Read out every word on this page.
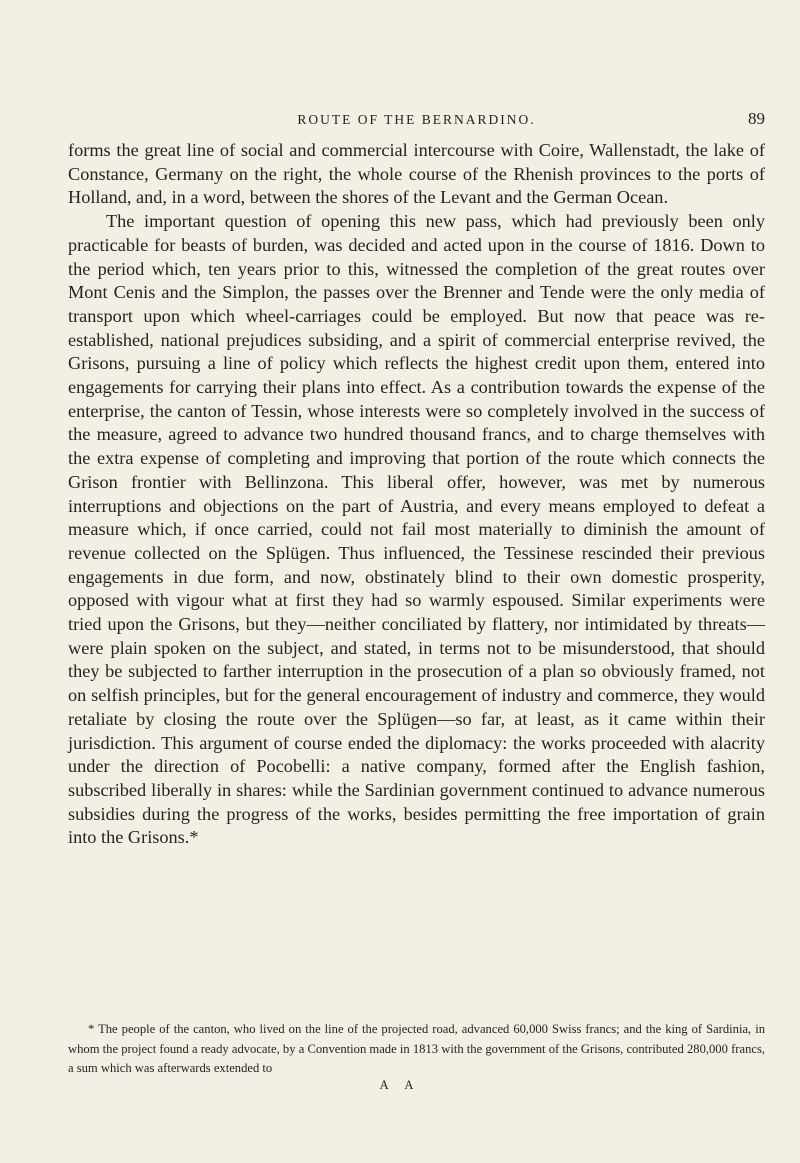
ROUTE OF THE BERNARDINO.	89

forms the great line of social and commercial intercourse with Coire, Wallenstadt, the lake of Constance, Germany on the right, the whole course of the Rhenish provinces to the ports of Holland, and, in a word, between the shores of the Levant and the German Ocean.

The important question of opening this new pass, which had previously been only practicable for beasts of burden, was decided and acted upon in the course of 1816. Down to the period which, ten years prior to this, witnessed the completion of the great routes over Mont Cenis and the Simplon, the passes over the Brenner and Tende were the only media of transport upon which wheel-carriages could be employed. But now that peace was re-established, national prejudices subsiding, and a spirit of commercial enterprise revived, the Grisons, pursuing a line of policy which reflects the highest credit upon them, entered into engagements for carrying their plans into effect. As a contribution towards the expense of the enterprise, the canton of Tessin, whose interests were so completely involved in the success of the measure, agreed to advance two hundred thousand francs, and to charge themselves with the extra expense of completing and improving that portion of the route which connects the Grison frontier with Bellinzona. This liberal offer, however, was met by numerous interruptions and objections on the part of Austria, and every means employed to defeat a measure which, if once carried, could not fail most materially to diminish the amount of revenue collected on the Splügen. Thus influenced, the Tessinese rescinded their previous engagements in due form, and now, obstinately blind to their own domestic prosperity, opposed with vigour what at first they had so warmly espoused. Similar experiments were tried upon the Grisons, but they—neither conciliated by flattery, nor intimidated by threats—were plain spoken on the subject, and stated, in terms not to be misunderstood, that should they be subjected to farther interruption in the prosecution of a plan so obviously framed, not on selfish principles, but for the general encouragement of industry and commerce, they would retaliate by closing the route over the Splügen—so far, at least, as it came within their jurisdiction. This argument of course ended the diplomacy: the works proceeded with alacrity under the direction of Pocobelli: a native company, formed after the English fashion, subscribed liberally in shares: while the Sardinian government continued to advance numerous subsidies during the progress of the works, besides permitting the free importation of grain into the Grisons.*

* The people of the canton, who lived on the line of the projected road, advanced 60,000 Swiss francs; and the king of Sardinia, in whom the project found a ready advocate, by a Convention made in 1813 with the government of the Grisons, contributed 280,000 francs, a sum which was afterwards extended to

A A
